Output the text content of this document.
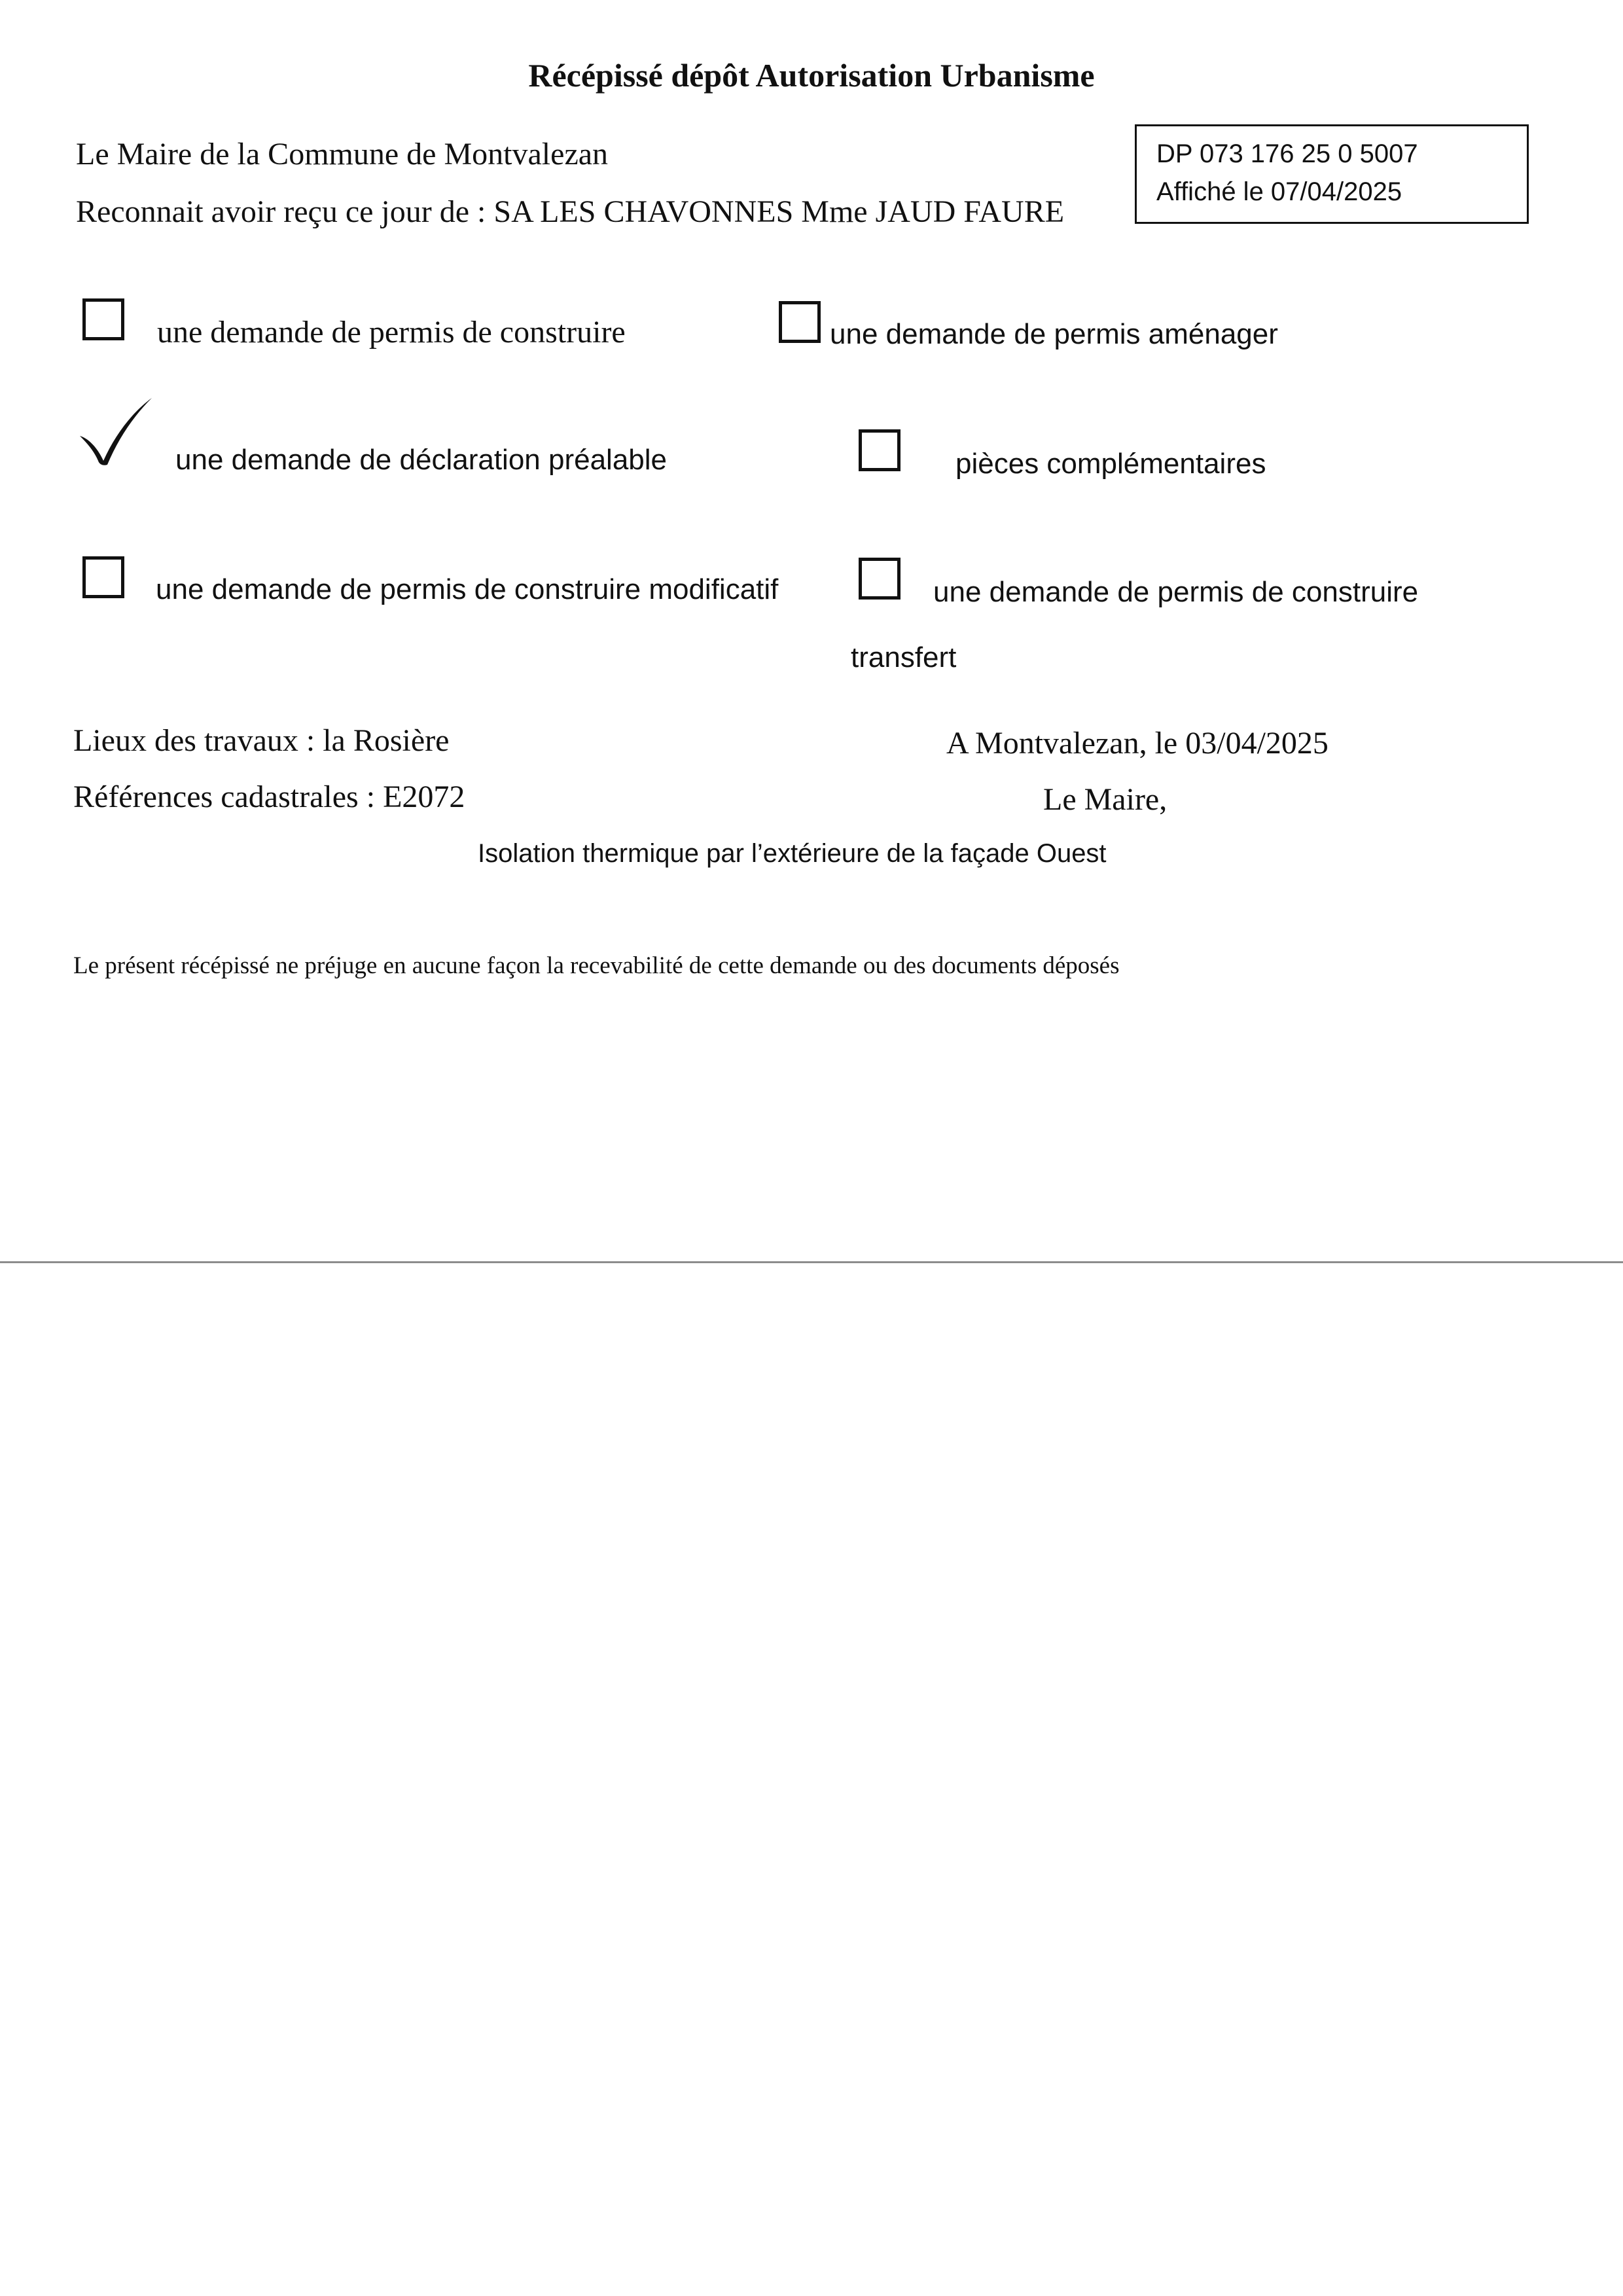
Récépissé dépôt Autorisation Urbanisme
Le Maire de la Commune de Montvalezan
Reconnait avoir reçu ce jour de : SA LES CHAVONNES Mme JAUD FAURE
DP 073 176 25 0 5007
Affiché le 07/04/2025
une demande de permis de construire	une demande de permis aménager
une demande de déclaration préalable	pièces complémentaires
une demande de permis de construire modificatif	une demande de permis de construire
transfert
Lieux des travaux : la Rosière
Références cadastrales : E2072
A Montvalezan, le 03/04/2025
Le Maire,
Isolation thermique par l’extérieure de la façade Ouest
Le présent récépissé ne préjuge en aucune façon la recevabilité de cette demande ou des documents déposés
